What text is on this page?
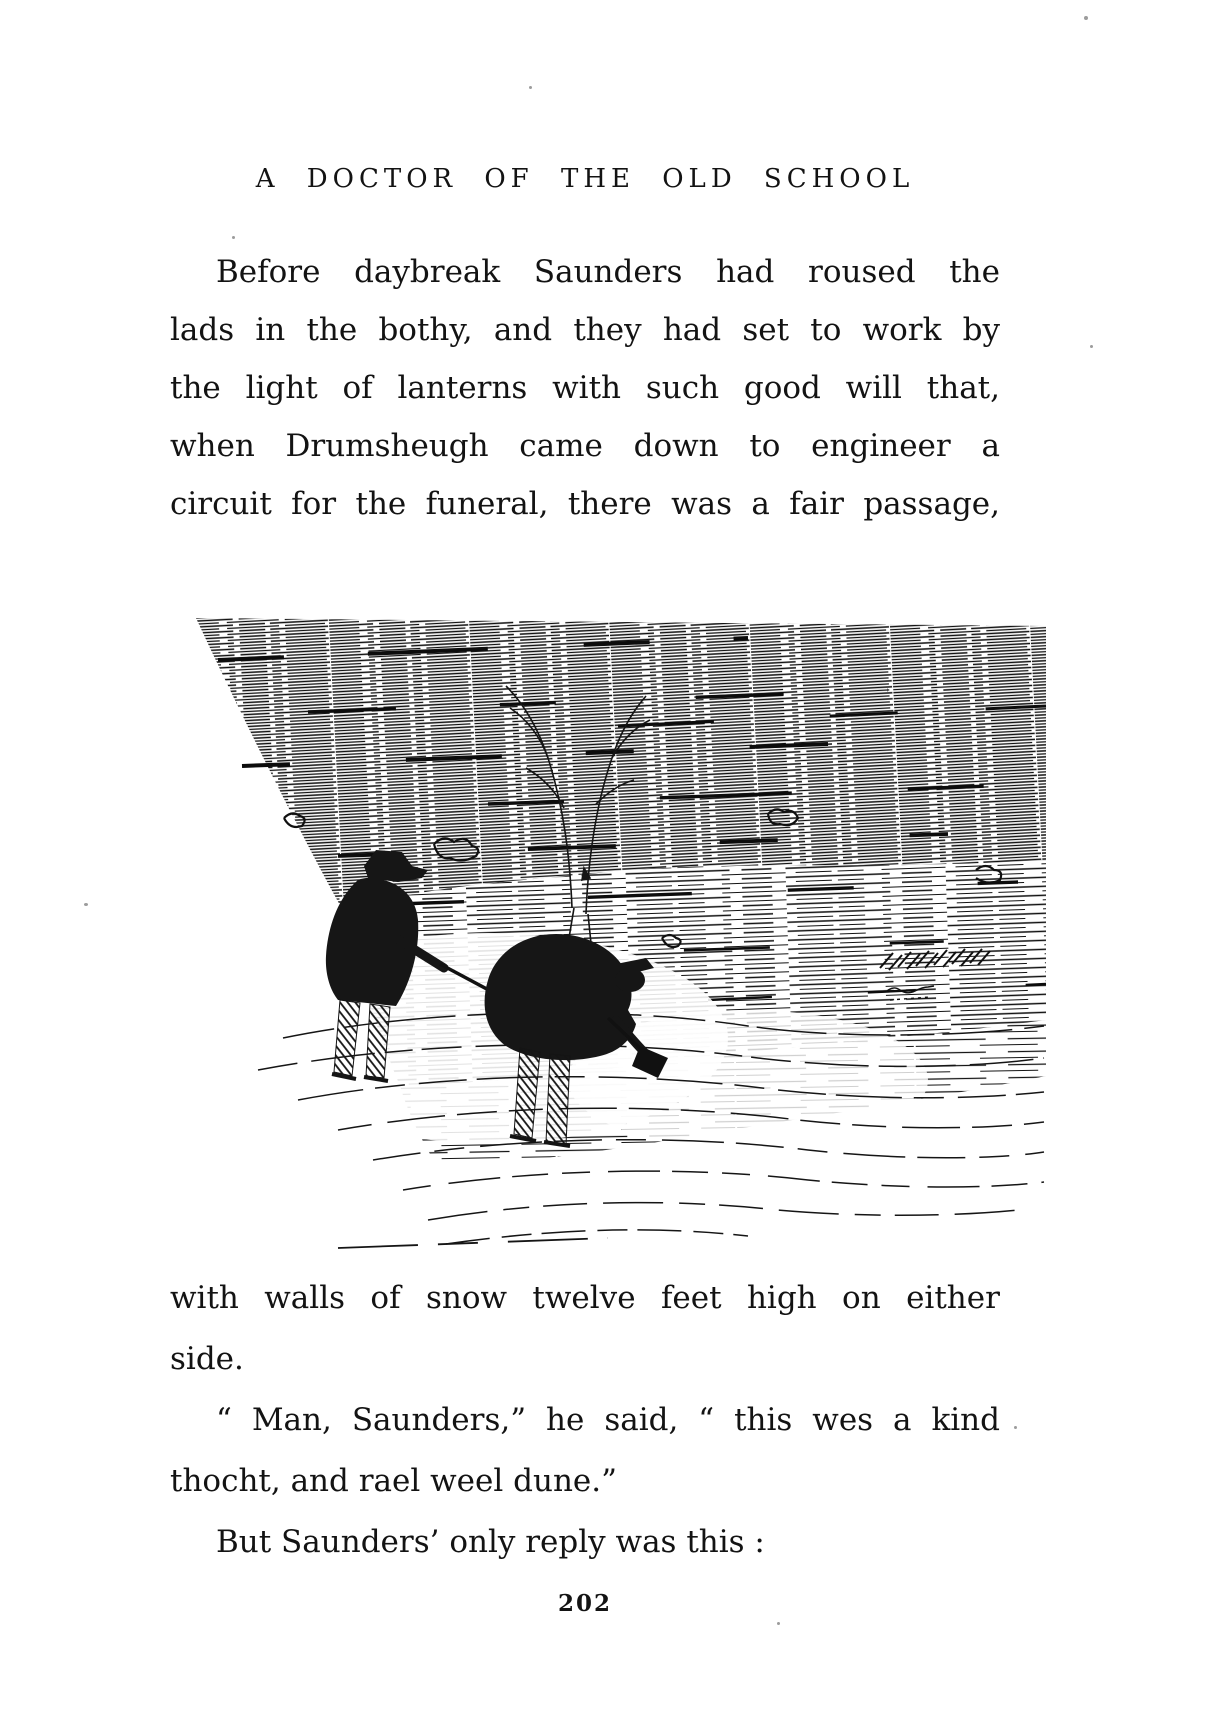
A DOCTOR OF THE OLD SCHOOL
Before daybreak Saunders had roused the
lads in the bothy, and they had set to work by
the light of lanterns with such good will that,
when Drumsheugh came down to engineer a
circuit for the funeral, there was a fair passage,
with walls of snow twelve feet high on either
side.
“ Man, Saunders,” he said, “ this wes a kind
thocht, and rael weel dune.”
But Saunders’ only reply was this :
202
